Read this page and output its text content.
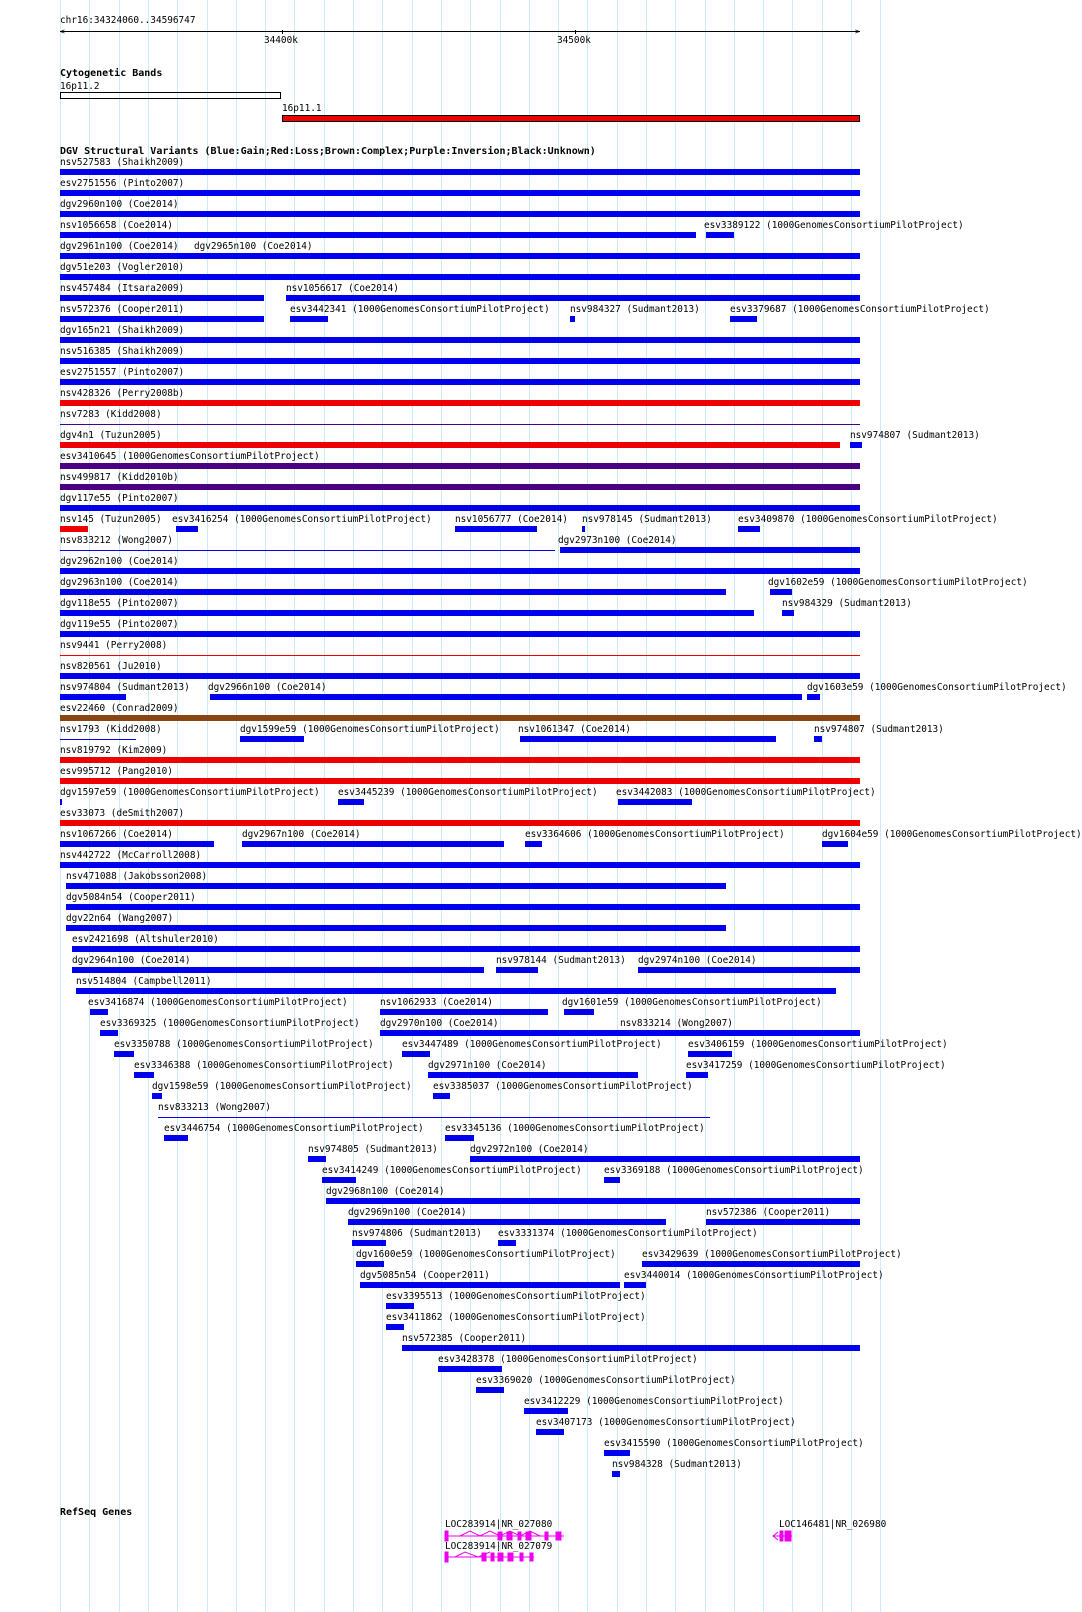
chr16:34324060..34596747
<	>
34400k	34500k
Cytogenetic Bands
16p11.2
16p11.1
DGV Structural Variants (Blue:Gain;Red:Loss;Brown:Complex;Purple:Inversion;Black:Unknown)
nsv527583 (Shaikh2009)
esv2751556 (Pinto2007)
dgv2960n100 (Coe2014)
nsv1056658 (Coe2014)	esv3389122 (1000GenomesConsortiumPilotProject)
dgv2961n100 (Coe2014) dgv2965n100 (Coe2014)
dgv51e203 (Vogler2010)
nsv457484 (Itsara2009)	nsv1056617 (Coe2014)
nsv572376 (Cooper2011)	esv3442341 (1000GenomesConsortiumPilotProject) nsv984327 (Sudmant2013)	esv3379687 (1000GenomesConsortiumPilotProject)
dgv165n21 (Shaikh2009)
nsv516385 (Shaikh2009)
esv2751557 (Pinto2007)
nsv428326 (Perry2008b)
nsv7283 (Kidd2008)
dgv4n1 (Tuzun2005)	nsv974807 (Sudmant2013)
esv3410645 (1000GenomesConsortiumPilotProject)
nsv499817 (Kidd2010b)
dgv117e55 (Pinto2007)
nsv145 (Tuzun2005) esv3416254 (1000GenomesConsortiumPilotProject) nsv1056777 (Coe2014) nsv978145 (Sudmant2013)	esv3409870 (1000GenomesConsortiumPilotProject)
nsv833212 (Wong2007)	dgv2973n100 (Coe2014)
dgv2962n100 (Coe2014)
dgv2963n100 (Coe2014)	dgv1602e59 (1000GenomesConsortiumPilotProject)
dgv118e55 (Pinto2007)	nsv984329 (Sudmant2013)
dgv119e55 (Pinto2007)
nsv9441 (Perry2008)
nsv820561 (Ju2010)
nsv974804 (Sudmant2013) dgv2966n100 (Coe2014)	dgv1603e59 (1000GenomesConsortiumPilotProject)
esv22460 (Conrad2009)
nsv1793 (Kidd2008)	dgv1599e59 (1000GenomesConsortiumPilotProject) nsv1061347 (Coe2014)	nsv974807 (Sudmant2013)
nsv819792 (Kim2009)
esv995712 (Pang2010)
dgv1597e59 (1000GenomesConsortiumPilotProject) esv3445239 (1000GenomesConsortiumPilotProject) esv3442083 (1000GenomesConsortiumPilotProject)
esv33073 (deSmith2007)
nsv1067266 (Coe2014)	dgv2967n100 (Coe2014)	esv3364606 (1000GenomesConsortiumPilotProject)	dgv1604e59 (1000GenomesConsortiumPilotProject)
nsv442722 (McCarroll2008)
nsv471088 (Jakobsson2008)
dgv5084n54 (Cooper2011)
dgv22n64 (Wang2007)
esv2421698 (Altshuler2010)
dgv2964n100 (Coe2014)	nsv978144 (Sudmant2013) dgv2974n100 (Coe2014)
nsv514804 (Campbell2011)
esv3416874 (1000GenomesConsortiumPilotProject)	nsv1062933 (Coe2014)	dgv1601e59 (1000GenomesConsortiumPilotProject)
esv3369325 (1000GenomesConsortiumPilotProject) dgv2970n100 (Coe2014)	nsv833214 (Wong2007)
esv3350788 (1000GenomesConsortiumPilotProject)	esv3447489 (1000GenomesConsortiumPilotProject)	esv3406159 (1000GenomesConsortiumPilotProject)
esv3346388 (1000GenomesConsortiumPilotProject)	dgv2971n100 (Coe2014)	esv3417259 (1000GenomesConsortiumPilotProject)
dgv1598e59 (1000GenomesConsortiumPilotProject) esv3385037 (1000GenomesConsortiumPilotProject)
nsv833213 (Wong2007)
esv3446754 (1000GenomesConsortiumPilotProject) esv3345136 (1000GenomesConsortiumPilotProject)
nsv974805 (Sudmant2013)	dgv2972n100 (Coe2014)
esv3414249 (1000GenomesConsortiumPilotProject) esv3369188 (1000GenomesConsortiumPilotProject)
dgv2968n100 (Coe2014)
dgv2969n100 (Coe2014)	nsv572386 (Cooper2011)
nsv974806 (Sudmant2013) esv3331374 (1000GenomesConsortiumPilotProject)
dgv1600e59 (1000GenomesConsortiumPilotProject)	esv3429639 (1000GenomesConsortiumPilotProject)
dgv5085n54 (Cooper2011)	esv3440014 (1000GenomesConsortiumPilotProject)
esv3395513 (1000GenomesConsortiumPilotProject)
esv3411862 (1000GenomesConsortiumPilotProject)
nsv572385 (Cooper2011)
esv3428378 (1000GenomesConsortiumPilotProject)
esv3369020 (1000GenomesConsortiumPilotProject)
esv3412229 (1000GenomesConsortiumPilotProject)
esv3407173 (1000GenomesConsortiumPilotProject)
esv3415590 (1000GenomesConsortiumPilotProject)
nsv984328 (Sudmant2013)
RefSeq Genes
LOC283914|NR_027080
LOC283914|NR_027079
LOC146481|NR_026980
